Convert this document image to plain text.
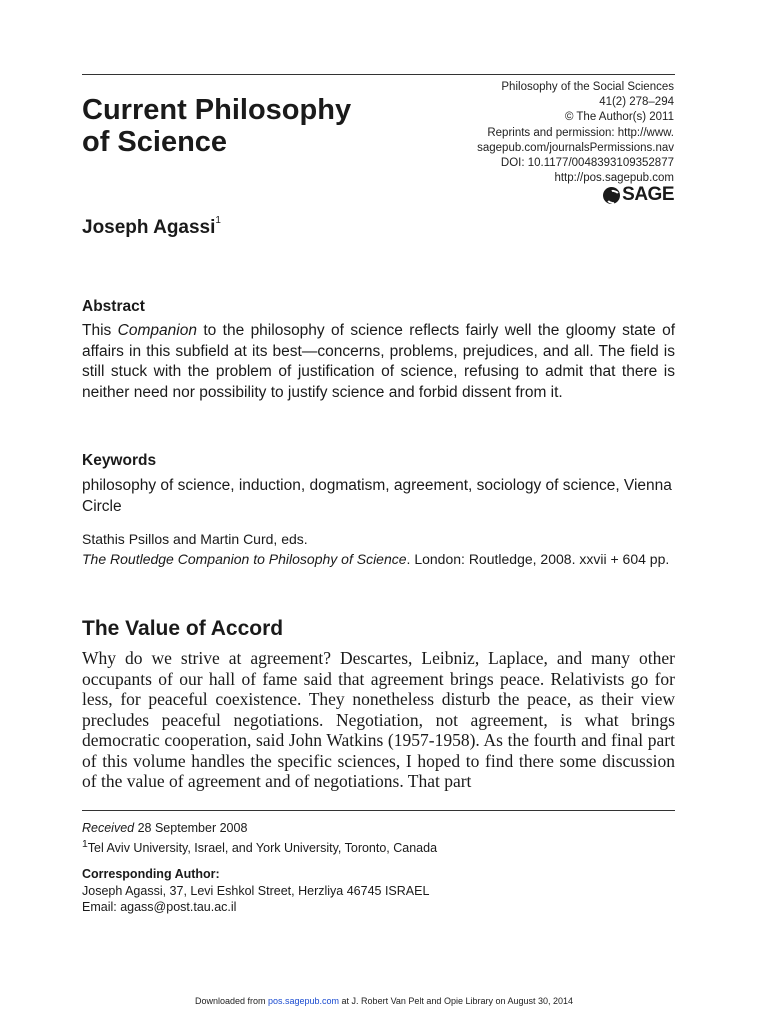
Current Philosophy
of Science
Philosophy of the Social Sciences
41(2) 278–294
© The Author(s) 2011
Reprints and permission: http://www.
sagepub.com/journalsPermissions.nav
DOI: 10.1177/0048393109352877
http://pos.sagepub.com
SAGE
Joseph Agassi$^1$
Abstract
This Companion to the philosophy of science reflects fairly well the gloomy state of affairs in this subfield at its best—concerns, problems, prejudices, and all. The field is still stuck with the problem of justification of science, refusing to admit that there is neither need nor possibility to justify science and forbid dissent from it.
Keywords
philosophy of science, induction, dogmatism, agreement, sociology of science, Vienna Circle
Stathis Psillos and Martin Curd, eds.
The Routledge Companion to Philosophy of Science. London: Routledge, 2008. xxvii + 604 pp.
The Value of Accord
Why do we strive at agreement? Descartes, Leibniz, Laplace, and many other occupants of our hall of fame said that agreement brings peace. Relativists go for less, for peaceful coexistence. They nonetheless disturb the peace, as their view precludes peaceful negotiations. Negotiation, not agreement, is what brings democratic cooperation, said John Watkins (1957-1958). As the fourth and final part of this volume handles the specific sciences, I hoped to find there some discussion of the value of agreement and of negotiations. That part
Received 28 September 2008
$^1$Tel Aviv University, Israel, and York University, Toronto, Canada
Corresponding Author:
Joseph Agassi, 37, Levi Eshkol Street, Herzliya 46745 ISRAEL
Email: agass@post.tau.ac.il
Downloaded from pos.sagepub.com at J. Robert Van Pelt and Opie Library on August 30, 2014
